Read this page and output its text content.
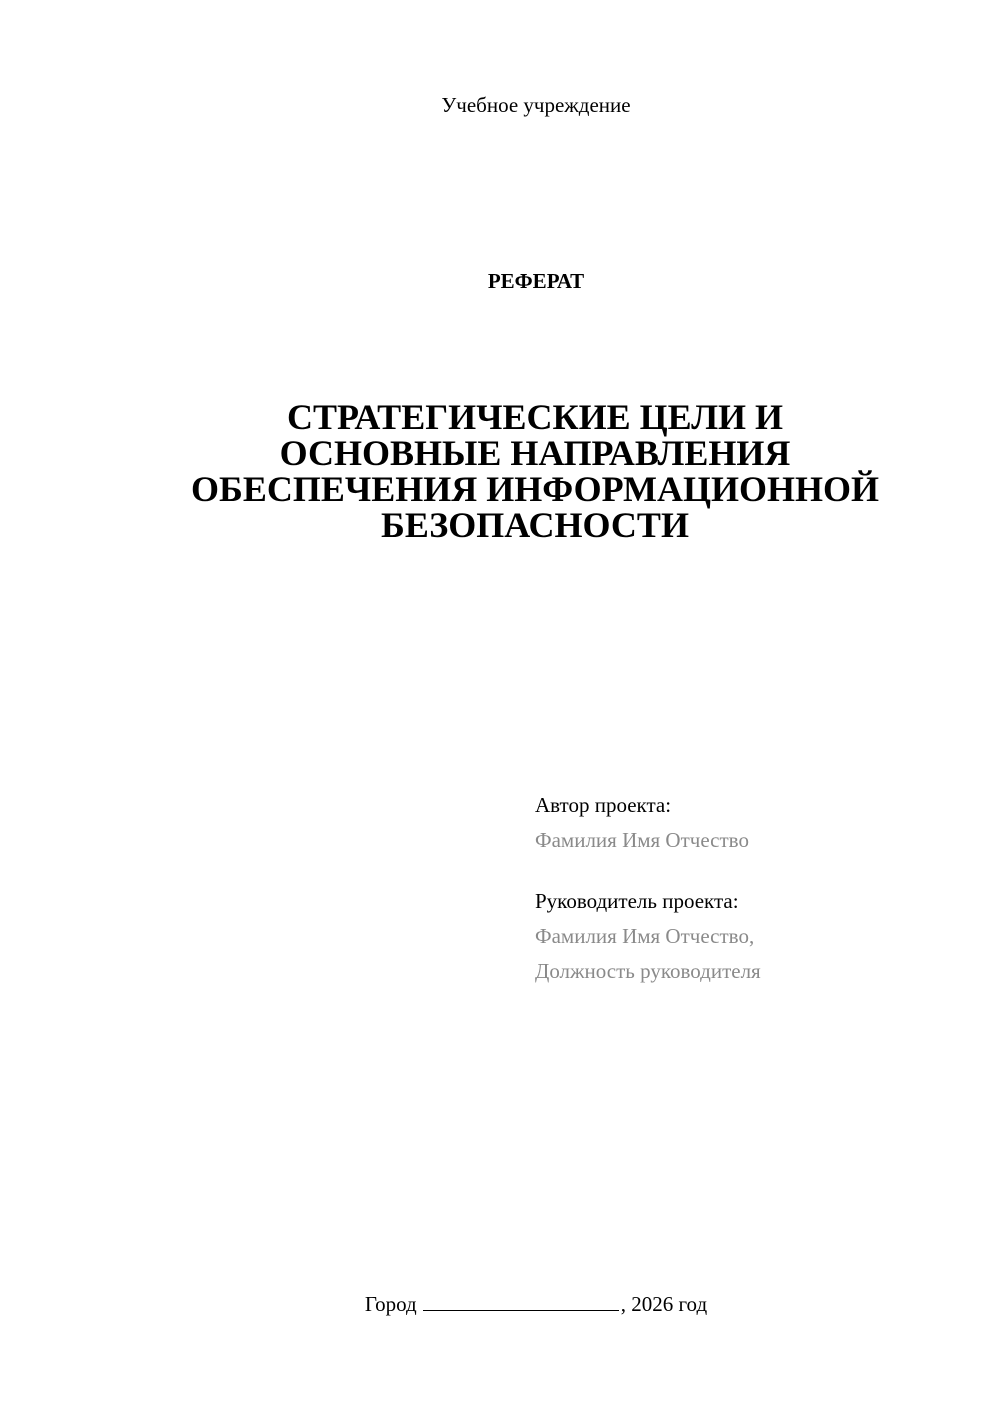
Учебное учреждение
РЕФЕРАТ
СТРАТЕГИЧЕСКИЕ ЦЕЛИ И
ОСНОВНЫЕ НАПРАВЛЕНИЯ
ОБЕСПЕЧЕНИЯ ИНФОРМАЦИОННОЙ
БЕЗОПАСНОСТИ
Автор проекта:
Фамилия Имя Отчество
Руководитель проекта:
Фамилия Имя Отчество,
Должность руководителя
Город	, 2026 год
